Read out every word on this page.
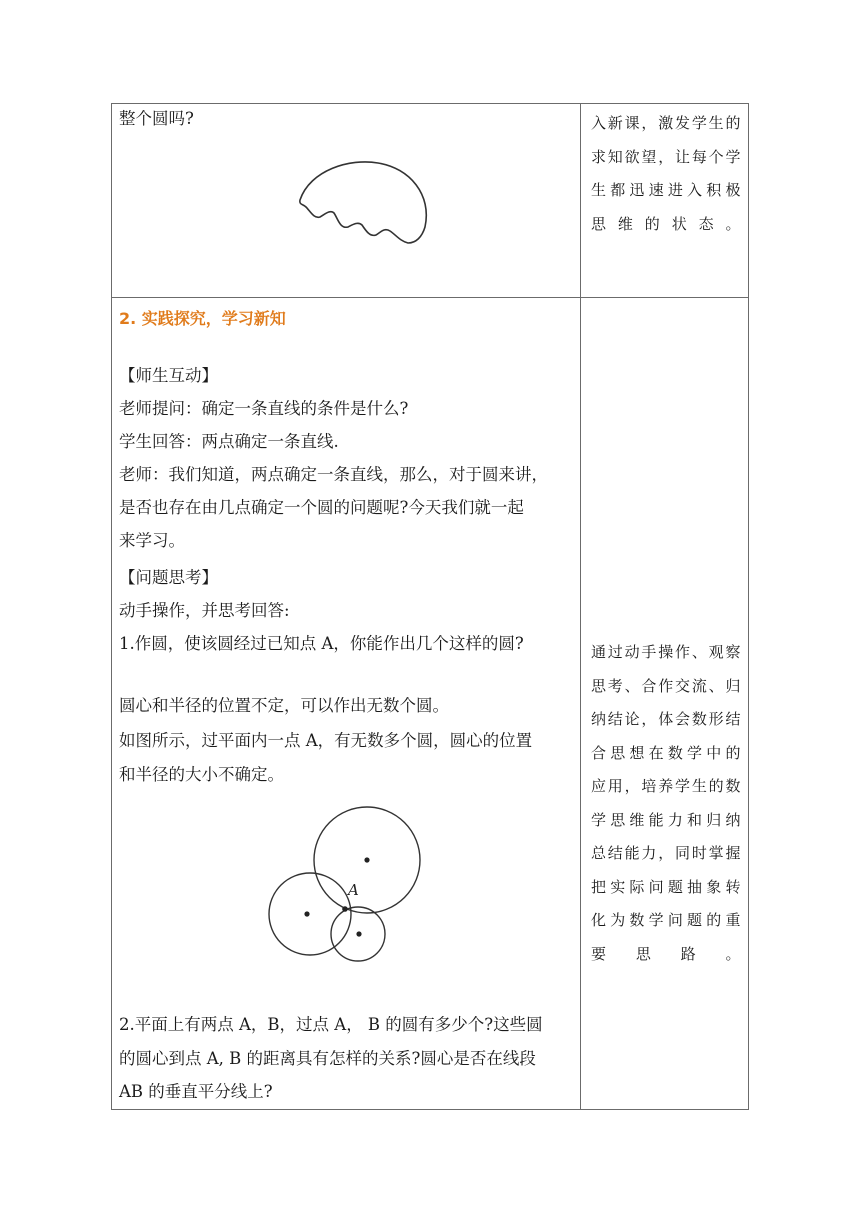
整个圆吗?	入新课，激发学生的
求知欲望，让每个学
生都迅速进入积极
思维的状态。
2. 实践探究，学习新知
【师生互动】
老师提问：确定一条直线的条件是什么?
学生回答：两点确定一条直线.
老师：我们知道，两点确定一条直线，那么，对于圆来讲，
是否也存在由几点确定一个圆的问题呢?今天我们就一起
来学习。
【问题思考】
动手操作，并思考回答:
1.作圆，使该圆经过已知点 A，你能作出几个这样的圆?
圆心和半径的位置不定，可以作出无数个圆。
如图所示，过平面内一点 A，有无数多个圆，圆心的位置
和半径的大小不确定。
A
2.平面上有两点 A，B，过点 A， B 的圆有多少个?这些圆
的圆心到点 A, B 的距离具有怎样的关系?圆心是否在线段
AB 的垂直平分线上?
通过动手操作、观察
思考、合作交流、归
纳结论，体会数形结
合思想在数学中的
应用，培养学生的数
学思维能力和归纳
总结能力，同时掌握
把实际问题抽象转
化为数学问题的重
要思路。
